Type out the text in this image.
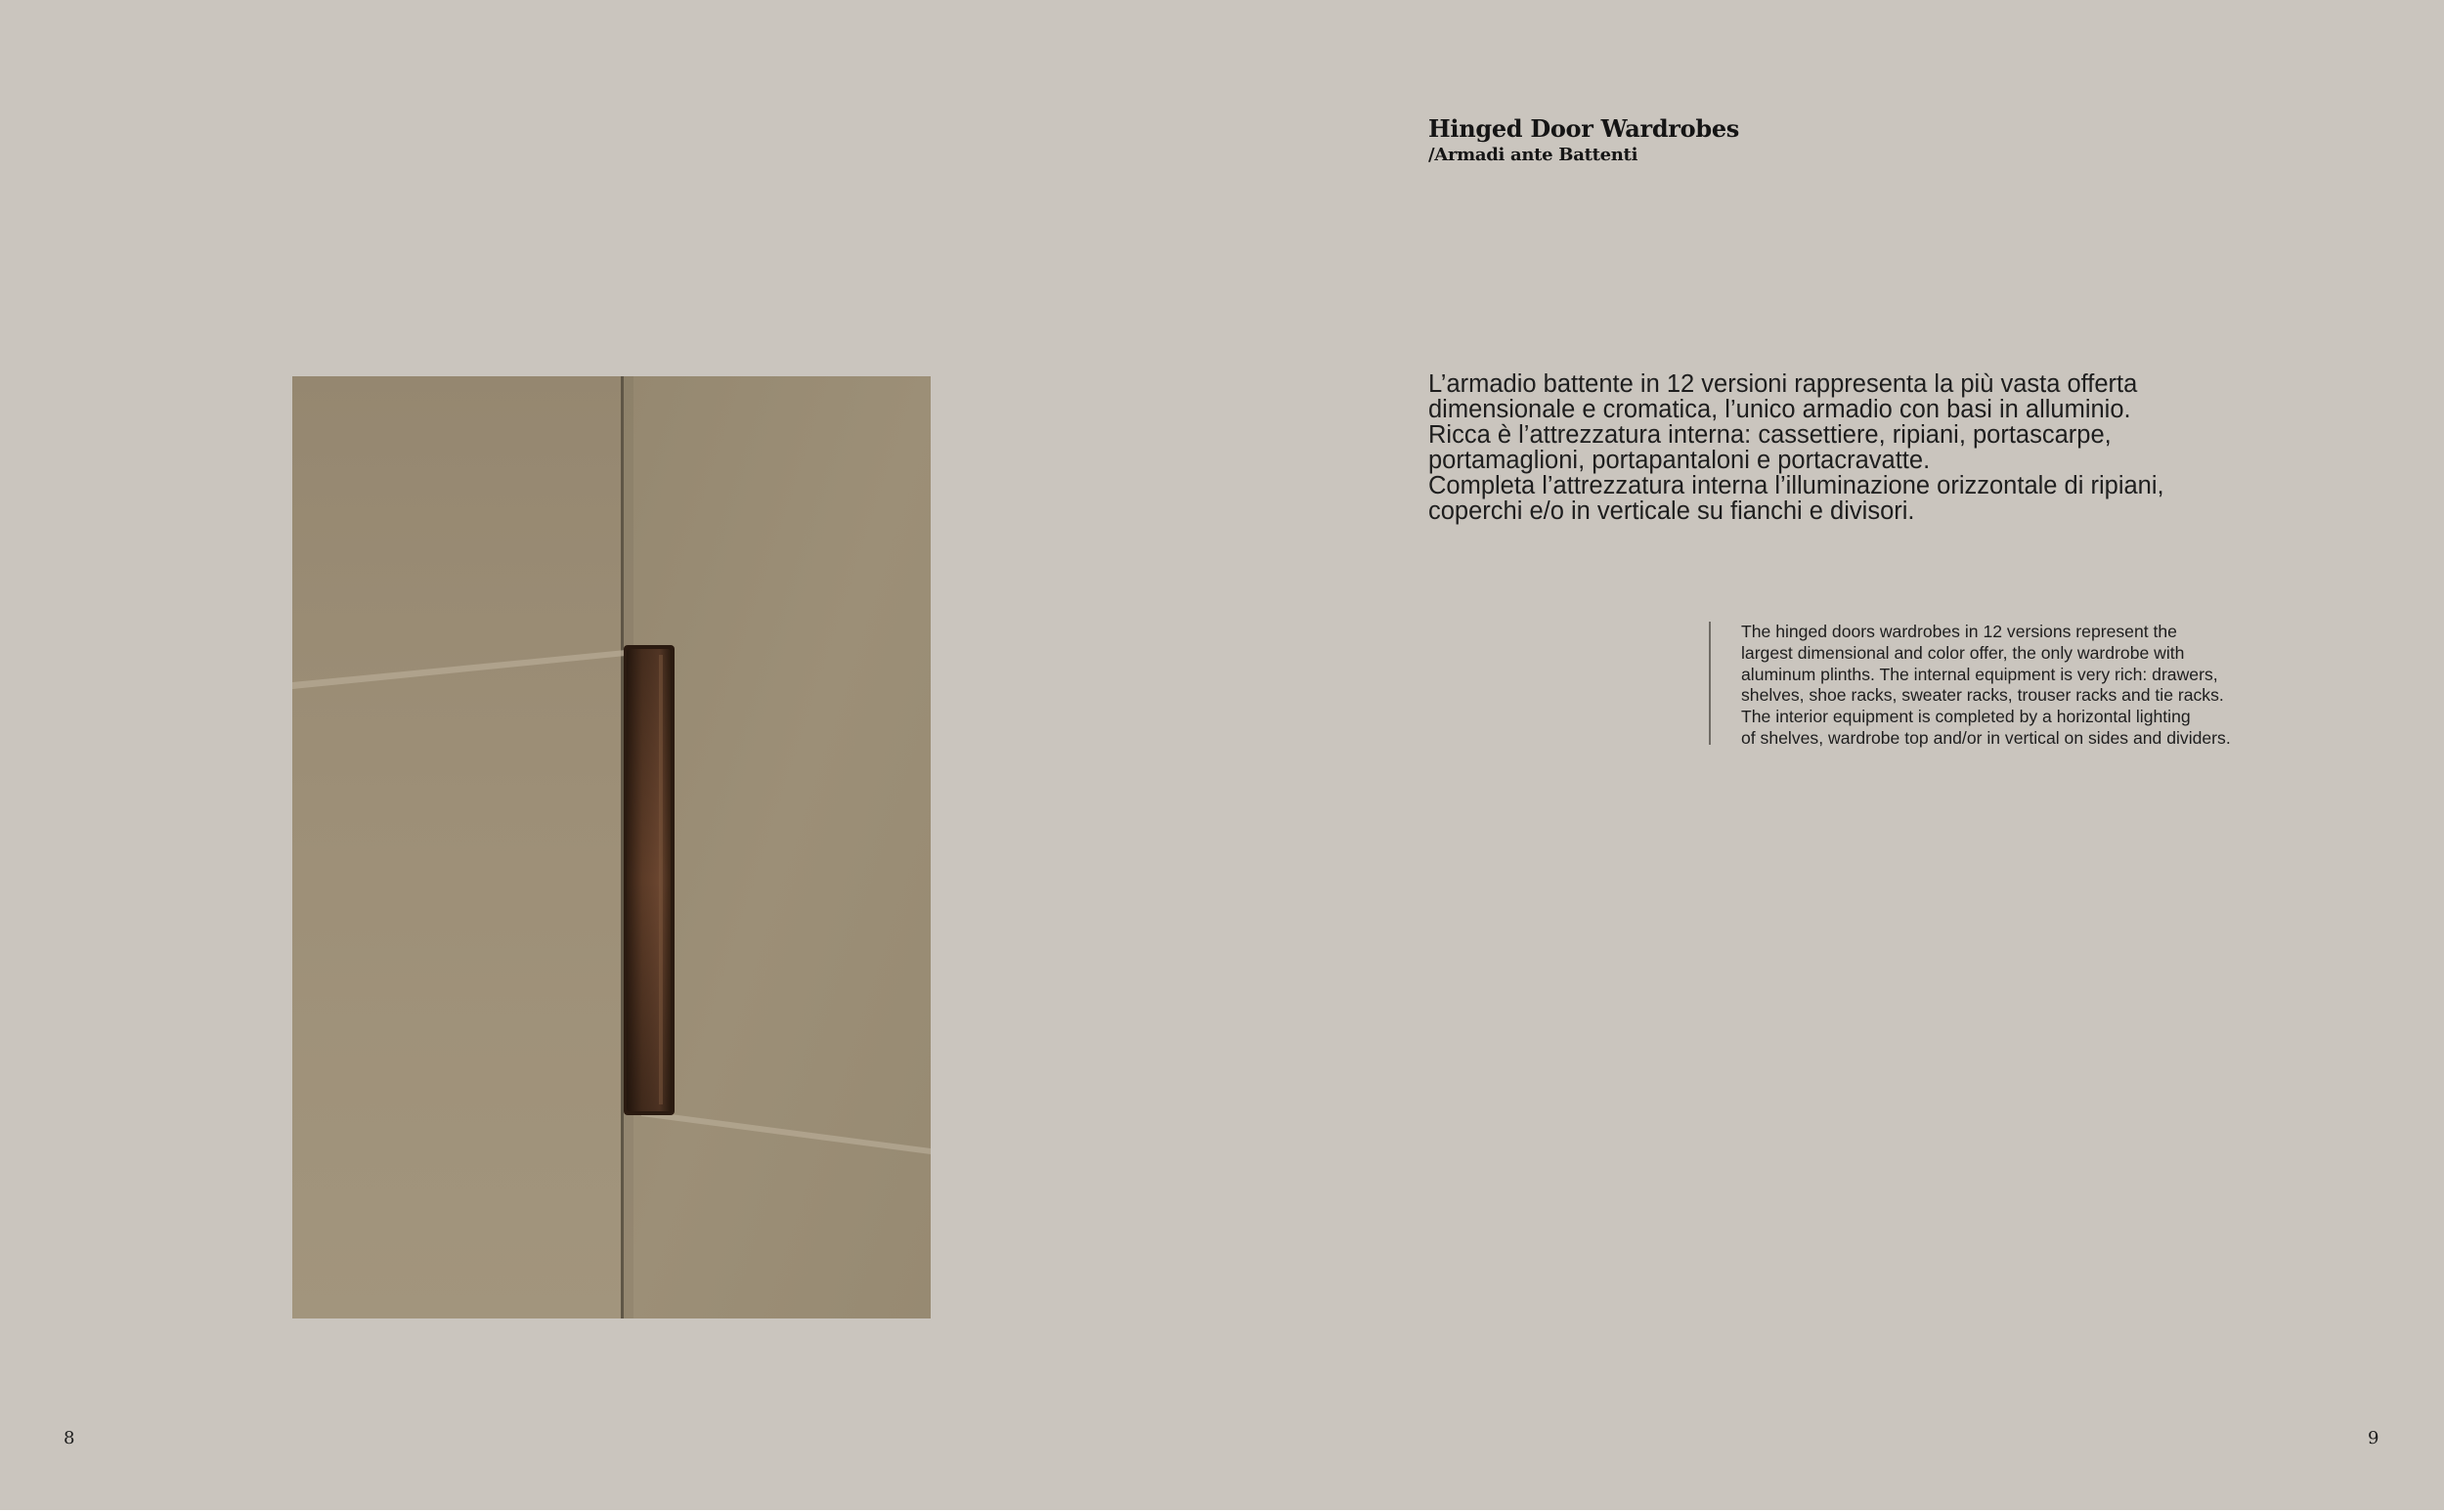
Hinged Door Wardrobes

/Armadi ante Battenti

L’armadio battente in 12 versioni rappresenta la più vasta offerta
dimensionale e cromatica, l’unico armadio con basi in alluminio.
Ricca è l’attrezzatura interna: cassettiere, ripiani, portascarpe,
portamaglioni, portapantaloni e portacravatte.
Completa l’attrezzatura interna l’illuminazione orizzontale di ripiani,
coperchi e/o in verticale su fianchi e divisori.

The hinged doors wardrobes in 12 versions represent the
largest dimensional and color offer, the only wardrobe with
aluminum plinths. The internal equipment is very rich: drawers,
shelves, shoe racks, sweater racks, trouser racks and tie racks.
The interior equipment is completed by a horizontal lighting
of shelves, wardrobe top and/or in vertical on sides and dividers.

8	9
